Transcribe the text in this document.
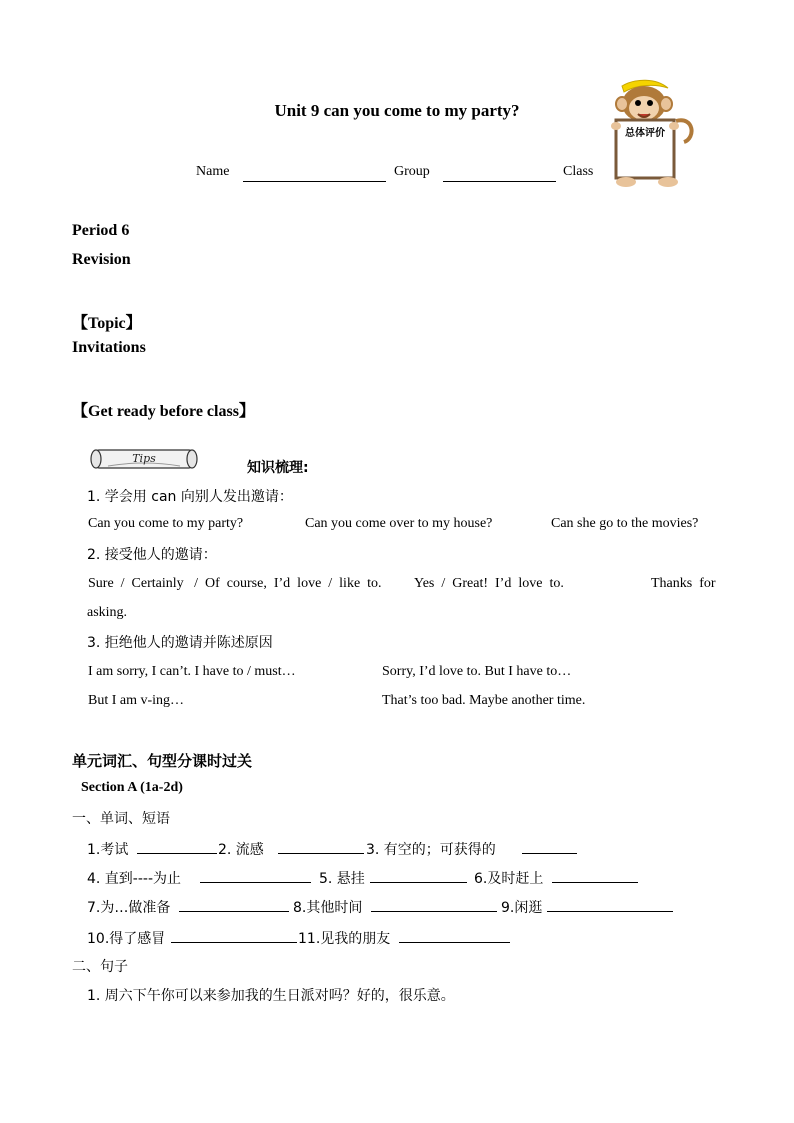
Unit 9 can you come to my party?
总体评价
Name	Group	Class
Period 6
Revision
【Topic】
Invitations
【Get ready before class】
Tips
知识梳理:
1. 学会用 can 向别人发出邀请：
Can you come to my party?	Can you come over to my house?	Can she go to the movies?
2. 接受他人的邀请：
Sure  /  Certainly   /  Of  course,  I’d  love  /  like  to. Yes  /  Great!  I’d  love  to.	Thanks  for
asking.
3. 拒绝他人的邀请并陈述原因
I am sorry, I can’t. I have to / must…	Sorry, I’d love to. But I have to…
But I am v-ing…	That’s too bad. Maybe another time.
单元词汇、句型分课时过关
Section A (1a-2d)
一、单词、短语
1.考试	2. 流感	3. 有空的；可获得的
4. 直到----为止	5. 悬挂	6.及时赶上
7.为…做准备	8.其他时间	9.闲逛
10.得了感冒	11.见我的朋友
二、句子
1. 周六下午你可以来参加我的生日派对吗？好的，很乐意。
